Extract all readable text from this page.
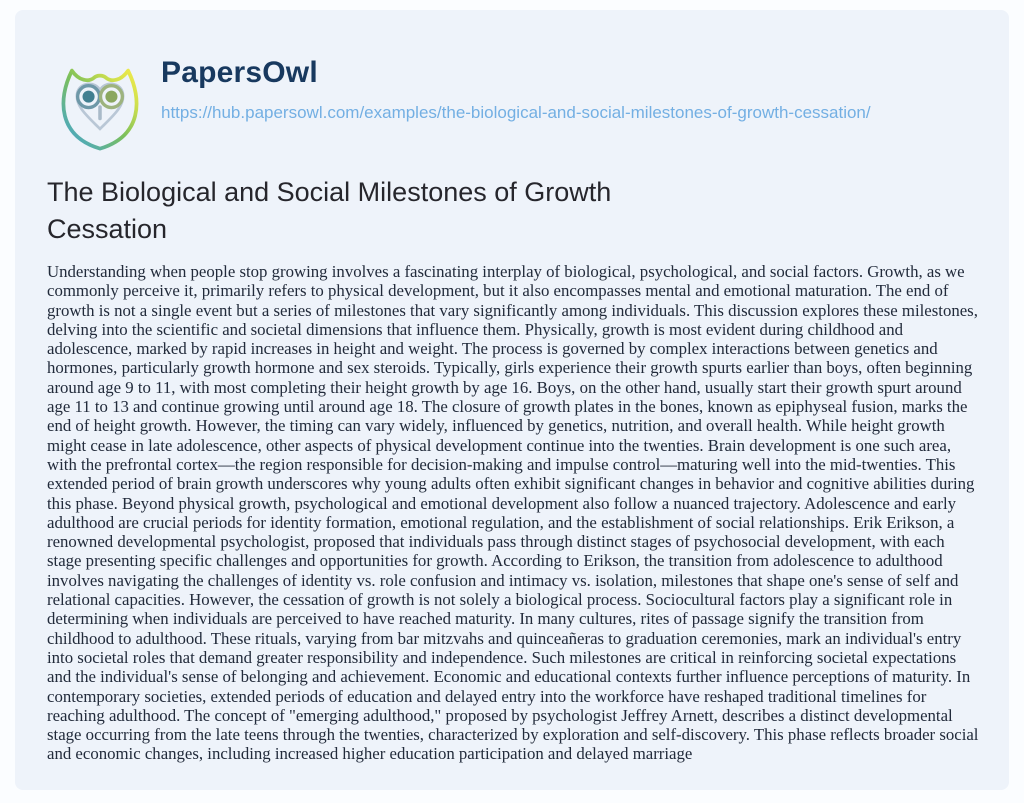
PapersOwl
https://hub.papersowl.com/examples/the-biological-and-social-milestones-of-growth-cessation/
The Biological and Social Milestones of Growth Cessation

Understanding when people stop growing involves a fascinating interplay of biological, psychological, and social factors. Growth, as we commonly perceive it, primarily refers to physical development, but it also encompasses mental and emotional maturation. The end of growth is not a single event but a series of milestones that vary significantly among individuals. This discussion explores these milestones, delving into the scientific and societal dimensions that influence them. Physically, growth is most evident during childhood and adolescence, marked by rapid increases in height and weight. The process is governed by complex interactions between genetics and hormones, particularly growth hormone and sex steroids. Typically, girls experience their growth spurts earlier than boys, often beginning around age 9 to 11, with most completing their height growth by age 16. Boys, on the other hand, usually start their growth spurt around age 11 to 13 and continue growing until around age 18. The closure of growth plates in the bones, known as epiphyseal fusion, marks the end of height growth. However, the timing can vary widely, influenced by genetics, nutrition, and overall health. While height growth might cease in late adolescence, other aspects of physical development continue into the twenties. Brain development is one such area, with the prefrontal cortex—the region responsible for decision-making and impulse control—maturing well into the mid-twenties. This extended period of brain growth underscores why young adults often exhibit significant changes in behavior and cognitive abilities during this phase. Beyond physical growth, psychological and emotional development also follow a nuanced trajectory. Adolescence and early adulthood are crucial periods for identity formation, emotional regulation, and the establishment of social relationships. Erik Erikson, a renowned developmental psychologist, proposed that individuals pass through distinct stages of psychosocial development, with each stage presenting specific challenges and opportunities for growth. According to Erikson, the transition from adolescence to adulthood involves navigating the challenges of identity vs. role confusion and intimacy vs. isolation, milestones that shape one's sense of self and relational capacities. However, the cessation of growth is not solely a biological process. Sociocultural factors play a significant role in determining when individuals are perceived to have reached maturity. In many cultures, rites of passage signify the transition from childhood to adulthood. These rituals, varying from bar mitzvahs and quinceañeras to graduation ceremonies, mark an individual's entry into societal roles that demand greater responsibility and independence. Such milestones are critical in reinforcing societal expectations and the individual's sense of belonging and achievement. Economic and educational contexts further influence perceptions of maturity. In contemporary societies, extended periods of education and delayed entry into the workforce have reshaped traditional timelines for reaching adulthood. The concept of "emerging adulthood," proposed by psychologist Jeffrey Arnett, describes a distinct developmental stage occurring from the late teens through the twenties, characterized by exploration and self-discovery. This phase reflects broader social and economic changes, including increased higher education participation and delayed marriage
